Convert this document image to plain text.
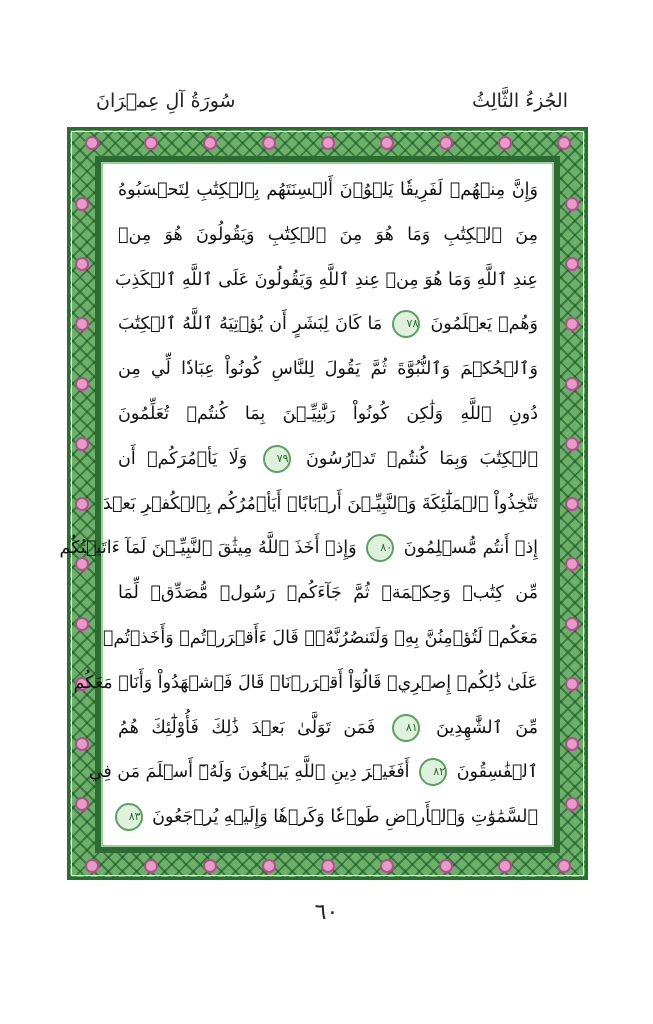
الجُزءُ الثَّالِثُ
سُورَةُ آلِ عِمۡرَانَ
وَإِنَّ مِنۡهُمۡ لَفَرِيقٗا يَلۡوُۥنَ أَلۡسِنَتَهُم بِٱلۡكِتَٰبِ لِتَحۡسَبُوهُ
مِنَ ٱلۡكِتَٰبِ وَمَا هُوَ مِنَ ٱلۡكِتَٰبِ وَيَقُولُونَ هُوَ مِنۡ
عِندِ ٱللَّهِ وَمَا هُوَ مِنۡ عِندِ ٱللَّهِ وَيَقُولُونَ عَلَى ٱللَّهِ ٱلۡكَذِبَ
وَهُمۡ يَعۡلَمُونَ ٧٨ مَا كَانَ لِبَشَرٍ أَن يُؤۡتِيَهُ ٱللَّهُ ٱلۡكِتَٰبَ
وَٱلۡحُكۡمَ وَٱلنُّبُوَّةَ ثُمَّ يَقُولَ لِلنَّاسِ كُونُواْ عِبَادٗا لِّي مِن
دُونِ ٱللَّهِ وَلَٰكِن كُونُواْ رَبَّٰنِيِّـۧنَ بِمَا كُنتُمۡ تُعَلِّمُونَ
ٱلۡكِتَٰبَ وَبِمَا كُنتُمۡ تَدۡرُسُونَ ٧٩ وَلَا يَأۡمُرَكُمۡ أَن
تَتَّخِذُواْ ٱلۡمَلَٰٓئِكَةَ وَٱلنَّبِيِّـۧنَ أَرۡبَابًاۗ أَيَأۡمُرُكُم بِٱلۡكُفۡرِ بَعۡدَ
إِذۡ أَنتُم مُّسۡلِمُونَ ٨٠ وَإِذۡ أَخَذَ ٱللَّهُ مِيثَٰقَ ٱلنَّبِيِّـۧنَ لَمَآ ءَاتَيۡتُكُم
مِّن كِتَٰبٖ وَحِكۡمَةٖ ثُمَّ جَآءَكُمۡ رَسُولٞ مُّصَدِّقٞ لِّمَا
مَعَكُمۡ لَتُؤۡمِنُنَّ بِهِۦ وَلَتَنصُرُنَّهُۥۚ قَالَ ءَأَقۡرَرۡتُمۡ وَأَخَذۡتُمۡ
عَلَىٰ ذَٰلِكُمۡ إِصۡرِيۖ قَالُوٓاْ أَقۡرَرۡنَاۚ قَالَ فَٱشۡهَدُواْ وَأَنَا۠ مَعَكُم
مِّنَ ٱلشَّٰهِدِينَ ٨١ فَمَن تَوَلَّىٰ بَعۡدَ ذَٰلِكَ فَأُوْلَٰٓئِكَ هُمُ
ٱلۡفَٰسِقُونَ ٨٢ أَفَغَيۡرَ دِينِ ٱللَّهِ يَبۡغُونَ وَلَهُۥٓ أَسۡلَمَ مَن فِي
ٱلسَّمَٰوَٰتِ وَٱلۡأَرۡضِ طَوۡعٗا وَكَرۡهٗا وَإِلَيۡهِ يُرۡجَعُونَ ٨٣
٦٠
